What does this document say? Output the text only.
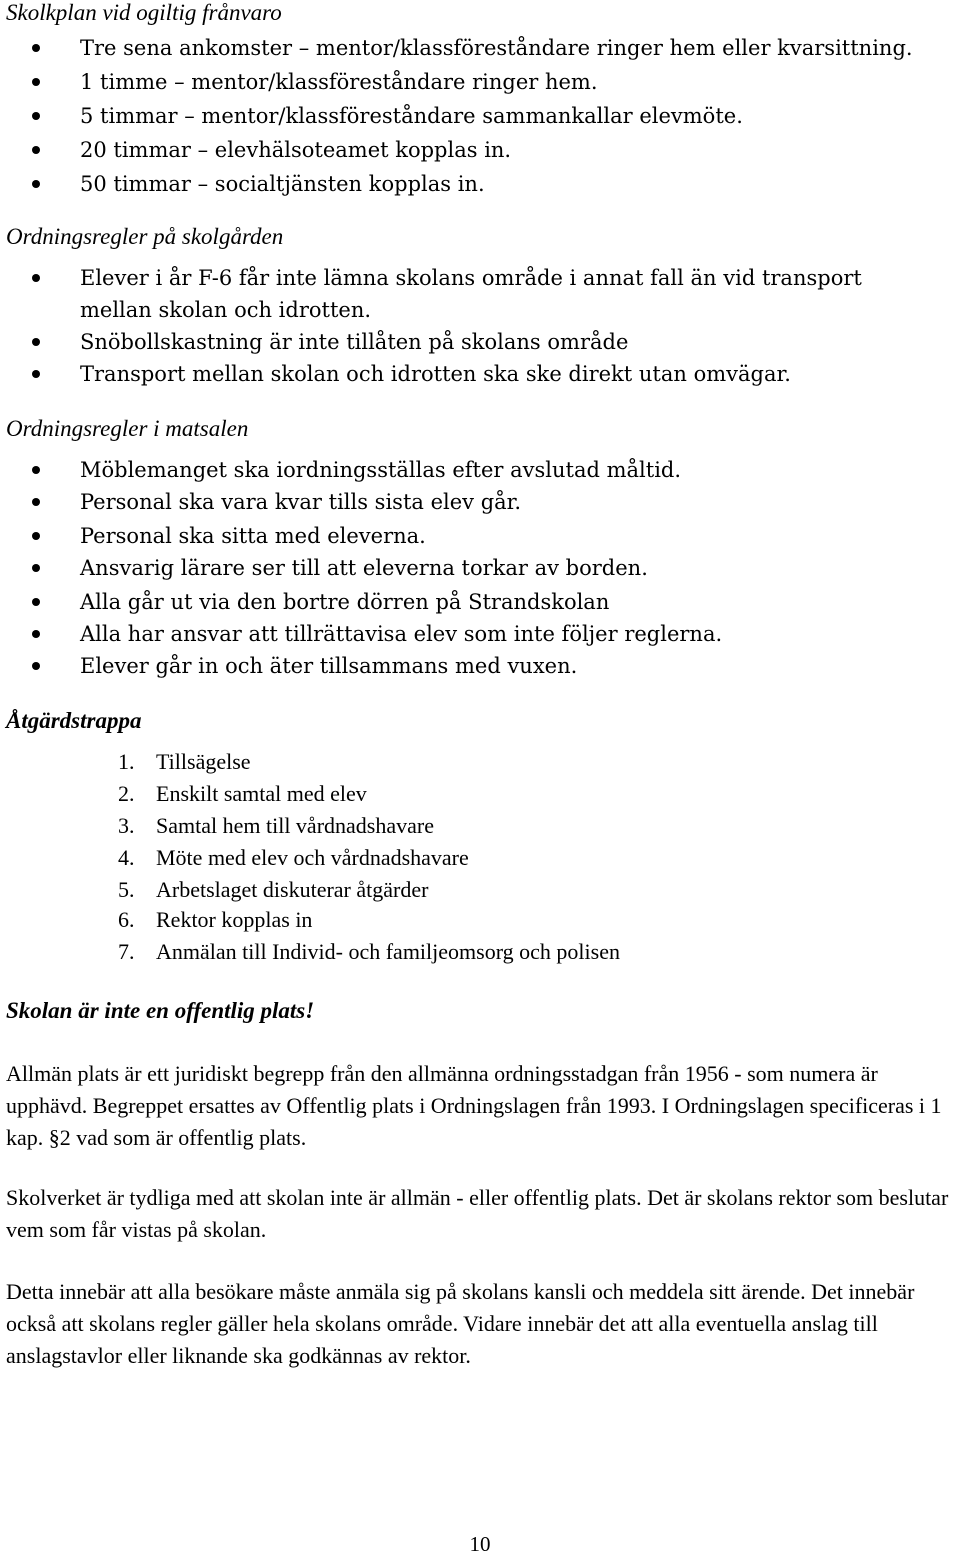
Skolkplan vid ogiltig frånvaro
Tre sena ankomster – mentor/klassföreståndare ringer hem eller kvarsittning.
1 timme – mentor/klassföreståndare ringer hem.
5 timmar – mentor/klassföreståndare sammankallar elevmöte.
20 timmar – elevhälsoteamet kopplas in.
50 timmar – socialtjänsten kopplas in.
Ordningsregler på skolgården
Elever i år F-6 får inte lämna skolans område i annat fall än vid transport mellan skolan och idrotten.
Snöbollskastning är inte tillåten på skolans område
Transport mellan skolan och idrotten ska ske direkt utan omvägar.
Ordningsregler i matsalen
Möblemanget ska iordningsställas efter avslutad måltid.
Personal ska vara kvar tills sista elev går.
Personal ska sitta med eleverna.
Ansvarig lärare ser till att eleverna torkar av borden.
Alla går ut via den bortre dörren på Strandskolan
Alla har ansvar att tillrättavisa elev som inte följer reglerna.
Elever går in och äter tillsammans med vuxen.
Åtgärdstrappa
1. Tillsägelse
2. Enskilt samtal med elev
3. Samtal hem till vårdnadshavare
4. Möte med elev och vårdnadshavare
5. Arbetslaget diskuterar åtgärder
6. Rektor kopplas in
7. Anmälan till Individ- och familjeomsorg och polisen
Skolan är inte en offentlig plats!

Allmän plats är ett juridiskt begrepp från den allmänna ordningsstadgan från 1956 - som numera är upphävd. Begreppet ersattes av Offentlig plats i Ordningslagen från 1993. I Ordningslagen specificeras i 1 kap. §2 vad som är offentlig plats.

Skolverket är tydliga med att skolan inte är allmän - eller offentlig plats. Det är skolans rektor som beslutar vem som får vistas på skolan.

Detta innebär att alla besökare måste anmäla sig på skolans kansli och meddela sitt ärende. Det innebär också att skolans regler gäller hela skolans område. Vidare innebär det att alla eventuella anslag till anslagstavlor eller liknande ska godkännas av rektor.

10
